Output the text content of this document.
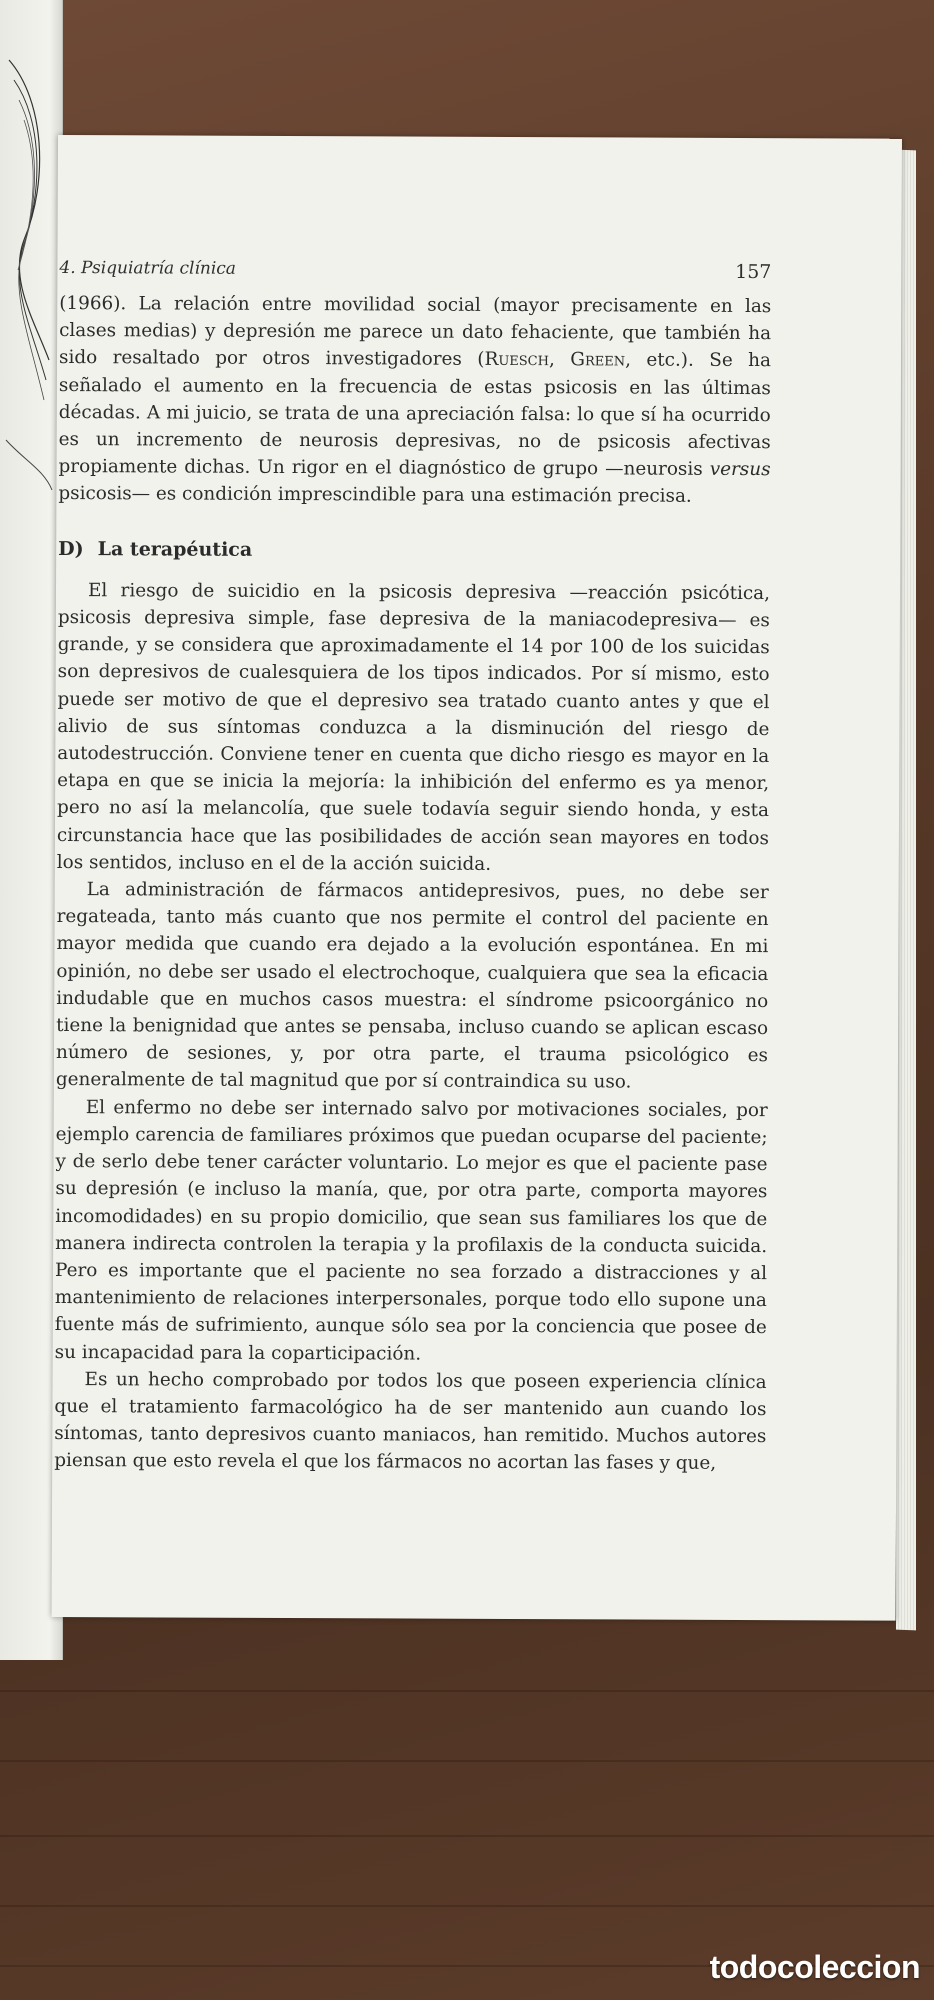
4. Psiquiatría clínica	157

(1966). La relación entre movilidad social (mayor precisamente en las clases medias) y depresión me parece un dato fehaciente, que también ha sido resaltado por otros investigadores (Ruesch, Green, etc.). Se ha señalado el aumento en la frecuencia de estas psicosis en las últimas décadas. A mi juicio, se trata de una apreciación falsa: lo que sí ha ocurrido es un incremento de neurosis depresivas, no de psicosis afectivas propiamente dichas. Un rigor en el diagnóstico de grupo —neurosis versus psicosis— es condición imprescindible para una estimación precisa.

D) La terapéutica

El riesgo de suicidio en la psicosis depresiva —reacción psicótica, psicosis depresiva simple, fase depresiva de la maniacodepresiva— es grande, y se considera que aproximadamente el 14 por 100 de los suicidas son depresivos de cualesquiera de los tipos indicados. Por sí mismo, esto puede ser motivo de que el depresivo sea tratado cuanto antes y que el alivio de sus síntomas conduzca a la disminución del riesgo de autodestrucción. Conviene tener en cuenta que dicho riesgo es mayor en la etapa en que se inicia la mejoría: la inhibición del enfermo es ya menor, pero no así la melancolía, que suele todavía seguir siendo honda, y esta circunstancia hace que las posibilidades de acción sean mayores en todos los sentidos, incluso en el de la acción suicida.

La administración de fármacos antidepresivos, pues, no debe ser regateada, tanto más cuanto que nos permite el control del paciente en mayor medida que cuando era dejado a la evolución espontánea. En mi opinión, no debe ser usado el electrochoque, cualquiera que sea la eficacia indudable que en muchos casos muestra: el síndrome psicoorgánico no tiene la benignidad que antes se pensaba, incluso cuando se aplican escaso número de sesiones, y, por otra parte, el trauma psicológico es generalmente de tal magnitud que por sí contraindica su uso.

El enfermo no debe ser internado salvo por motivaciones sociales, por ejemplo carencia de familiares próximos que puedan ocuparse del paciente; y de serlo debe tener carácter voluntario. Lo mejor es que el paciente pase su depresión (e incluso la manía, que, por otra parte, comporta mayores incomodidades) en su propio domicilio, que sean sus familiares los que de manera indirecta controlen la terapia y la profilaxis de la conducta suicida. Pero es importante que el paciente no sea forzado a distracciones y al mantenimiento de relaciones interpersonales, porque todo ello supone una fuente más de sufrimiento, aunque sólo sea por la conciencia que posee de su incapacidad para la coparticipación.

Es un hecho comprobado por todos los que poseen experiencia clínica que el tratamiento farmacológico ha de ser mantenido aun cuando los síntomas, tanto depresivos cuanto maniacos, han remitido. Muchos autores piensan que esto revela el que los fármacos no acortan las fases y que,

todocoleccion
